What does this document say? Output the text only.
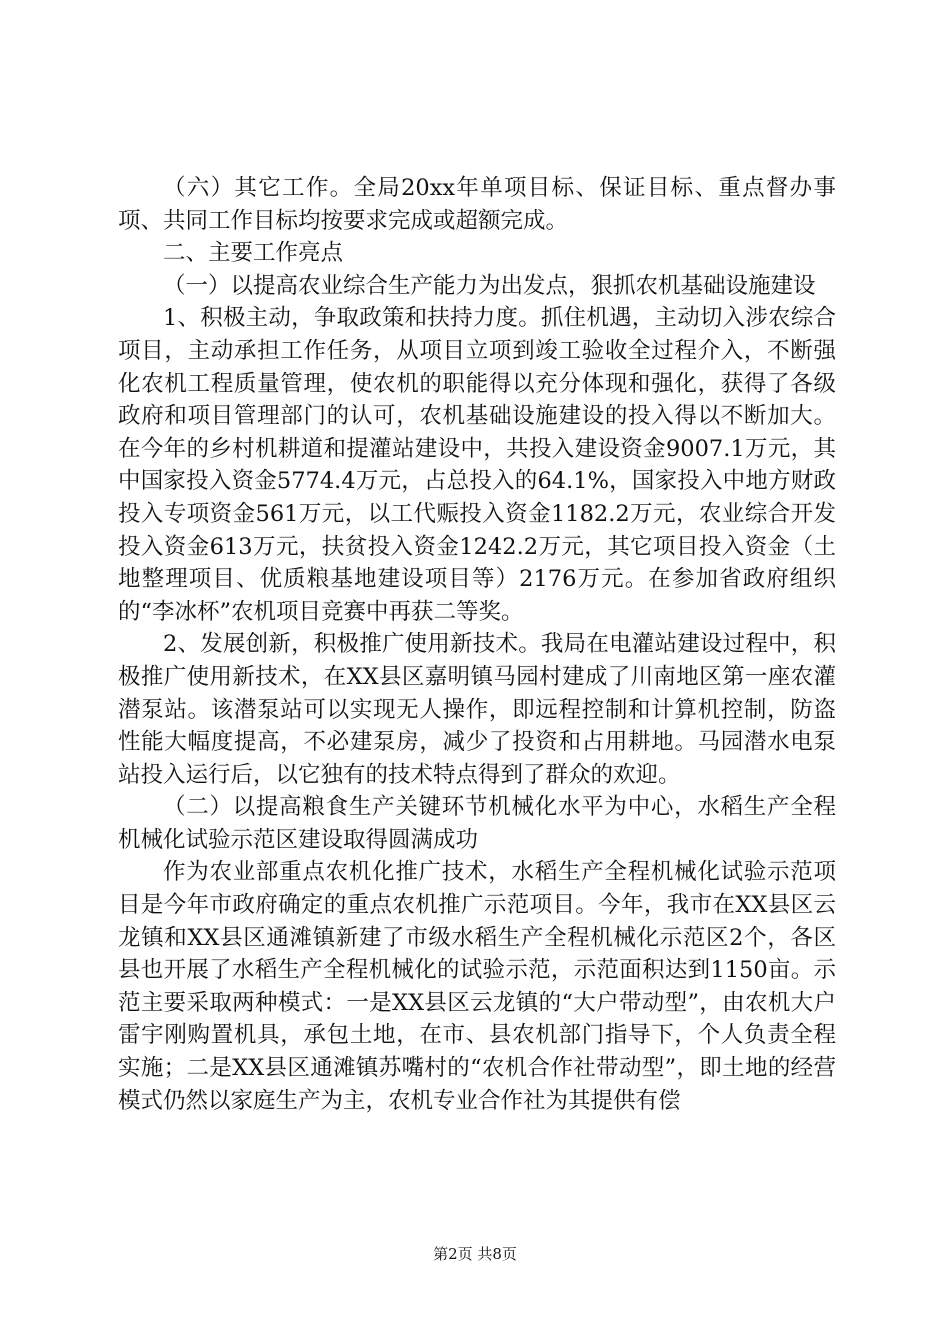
（六）其它工作。全局20xx年单项目标、保证目标、重点督办事项、共同工作目标均按要求完成或超额完成。

二、主要工作亮点

（一）以提高农业综合生产能力为出发点，狠抓农机基础设施建设

1、积极主动，争取政策和扶持力度。抓住机遇，主动切入涉农综合项目，主动承担工作任务，从项目立项到竣工验收全过程介入，不断强化农机工程质量管理，使农机的职能得以充分体现和强化，获得了各级政府和项目管理部门的认可，农机基础设施建设的投入得以不断加大。在今年的乡村机耕道和提灌站建设中，共投入建设资金9007.1万元，其中国家投入资金5774.4万元，占总投入的64.1%，国家投入中地方财政投入专项资金561万元，以工代赈投入资金1182.2万元，农业综合开发投入资金613万元，扶贫投入资金1242.2万元，其它项目投入资金（土地整理项目、优质粮基地建设项目等）2176万元。在参加省政府组织的“李冰杯”农机项目竞赛中再获二等奖。

2、发展创新，积极推广使用新技术。我局在电灌站建设过程中，积极推广使用新技术，在XX县区嘉明镇马园村建成了川南地区第一座农灌潜泵站。该潜泵站可以实现无人操作，即远程控制和计算机控制，防盗性能大幅度提高，不必建泵房，减少了投资和占用耕地。马园潜水电泵站投入运行后，以它独有的技术特点得到了群众的欢迎。

（二）以提高粮食生产关键环节机械化水平为中心，水稻生产全程机械化试验示范区建设取得圆满成功

作为农业部重点农机化推广技术，水稻生产全程机械化试验示范项目是今年市政府确定的重点农机推广示范项目。今年，我市在XX县区云龙镇和XX县区通滩镇新建了市级水稻生产全程机械化示范区2个，各区县也开展了水稻生产全程机械化的试验示范，示范面积达到1150亩。示范主要采取两种模式：一是XX县区云龙镇的“大户带动型”，由农机大户雷宇刚购置机具，承包土地，在市、县农机部门指导下，个人负责全程实施；二是XX县区通滩镇苏嘴村的“农机合作社带动型”，即土地的经营模式仍然以家庭生产为主，农机专业合作社为其提供有偿

第2页 共8页
